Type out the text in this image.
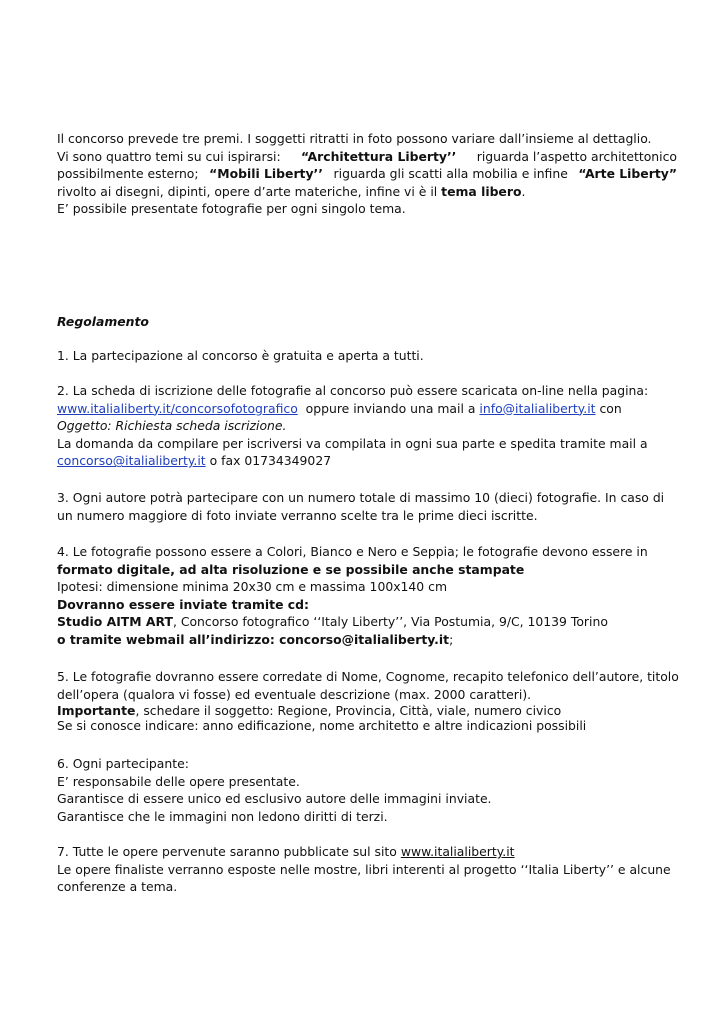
Il concorso prevede tre premi. I soggetti ritratti in foto possono variare dall’insieme al dettaglio.
Vi sono quattro temi su cui ispirarsi: “Architettura Liberty’’ riguarda l’aspetto architettonico
possibilmente esterno; “Mobili Liberty’’ riguarda gli scatti alla mobilia e infine “Arte Liberty”
rivolto ai disegni, dipinti, opere d’arte materiche, infine vi è il tema libero.
E’ possibile presentate fotografie per ogni singolo tema.
Regolamento
1. La partecipazione al concorso è gratuita e aperta a tutti.
2. La scheda di iscrizione delle fotografie al concorso può essere scaricata on-line nella pagina:
www.italialiberty.it/concorsofotografico oppure inviando una mail a info@italialiberty.it con
Oggetto: Richiesta scheda iscrizione.
La domanda da compilare per iscriversi va compilata in ogni sua parte e spedita tramite mail a
concorso@italialiberty.it o fax 01734349027
3. Ogni autore potrà partecipare con un numero totale di massimo 10 (dieci) fotografie. In caso di
un numero maggiore di foto inviate verranno scelte tra le prime dieci iscritte.
4. Le fotografie possono essere a Colori, Bianco e Nero e Seppia; le fotografie devono essere in
formato digitale, ad alta risoluzione e se possibile anche stampate
Ipotesi: dimensione minima 20x30 cm e massima 100x140 cm
Dovranno essere inviate tramite cd:
Studio AITM ART, Concorso fotografico ‘‘Italy Liberty’’, Via Postumia, 9/C, 10139 Torino
o tramite webmail all’indirizzo: concorso@italialiberty.it;
5. Le fotografie dovranno essere corredate di Nome, Cognome, recapito telefonico dell’autore, titolo
dell’opera (qualora vi fosse) ed eventuale descrizione (max. 2000 caratteri).
Importante, schedare il soggetto: Regione, Provincia, Città, viale, numero civico
Se si conosce indicare: anno edificazione, nome architetto e altre indicazioni possibili
6. Ogni partecipante:
E’ responsabile delle opere presentate.
Garantisce di essere unico ed esclusivo autore delle immagini inviate.
Garantisce che le immagini non ledono diritti di terzi.
7. Tutte le opere pervenute saranno pubblicate sul sito www.italialiberty.it
Le opere finaliste verranno esposte nelle mostre, libri interenti al progetto ‘‘Italia Liberty’’ e alcune
conferenze a tema.
